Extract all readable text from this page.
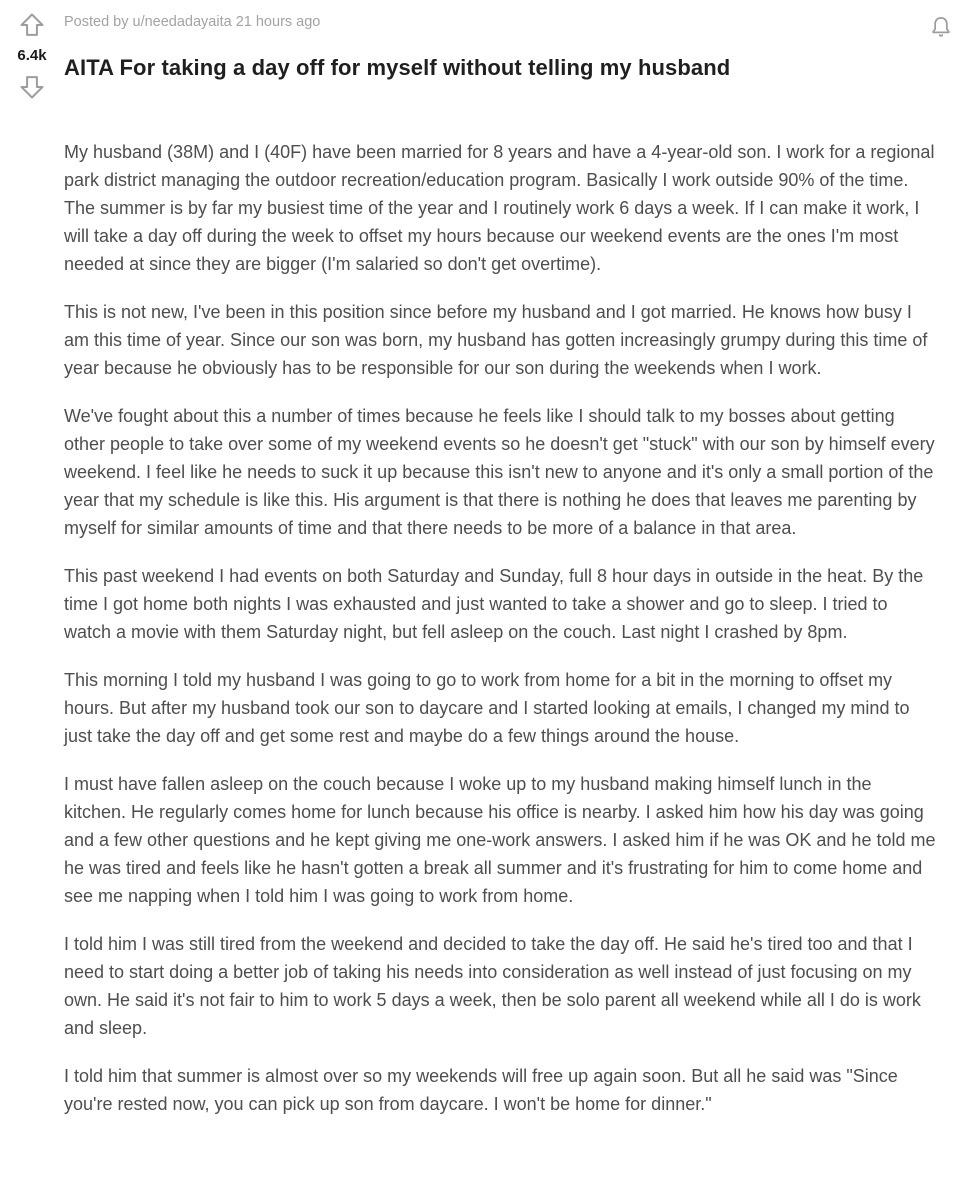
6.4k
Posted by u/needadayaita 21 hours ago
AITA For taking a day off for myself without telling my husband

My husband (38M) and I (40F) have been married for 8 years and have a 4-year-old son. I work for a regional park district managing the outdoor recreation/education program. Basically I work outside 90% of the time. The summer is by far my busiest time of the year and I routinely work 6 days a week. If I can make it work, I will take a day off during the week to offset my hours because our weekend events are the ones I'm most needed at since they are bigger (I'm salaried so don't get overtime).

This is not new, I've been in this position since before my husband and I got married. He knows how busy I am this time of year. Since our son was born, my husband has gotten increasingly grumpy during this time of year because he obviously has to be responsible for our son during the weekends when I work.

We've fought about this a number of times because he feels like I should talk to my bosses about getting other people to take over some of my weekend events so he doesn't get "stuck" with our son by himself every weekend. I feel like he needs to suck it up because this isn't new to anyone and it's only a small portion of the year that my schedule is like this. His argument is that there is nothing he does that leaves me parenting by myself for similar amounts of time and that there needs to be more of a balance in that area.

This past weekend I had events on both Saturday and Sunday, full 8 hour days in outside in the heat. By the time I got home both nights I was exhausted and just wanted to take a shower and go to sleep. I tried to watch a movie with them Saturday night, but fell asleep on the couch. Last night I crashed by 8pm.

This morning I told my husband I was going to go to work from home for a bit in the morning to offset my hours. But after my husband took our son to daycare and I started looking at emails, I changed my mind to just take the day off and get some rest and maybe do a few things around the house.

I must have fallen asleep on the couch because I woke up to my husband making himself lunch in the kitchen. He regularly comes home for lunch because his office is nearby. I asked him how his day was going and a few other questions and he kept giving me one-work answers. I asked him if he was OK and he told me he was tired and feels like he hasn't gotten a break all summer and it's frustrating for him to come home and see me napping when I told him I was going to work from home.

I told him I was still tired from the weekend and decided to take the day off. He said he's tired too and that I need to start doing a better job of taking his needs into consideration as well instead of just focusing on my own. He said it's not fair to him to work 5 days a week, then be solo parent all weekend while all I do is work and sleep.

I told him that summer is almost over so my weekends will free up again soon. But all he said was "Since you're rested now, you can pick up son from daycare. I won't be home for dinner."
